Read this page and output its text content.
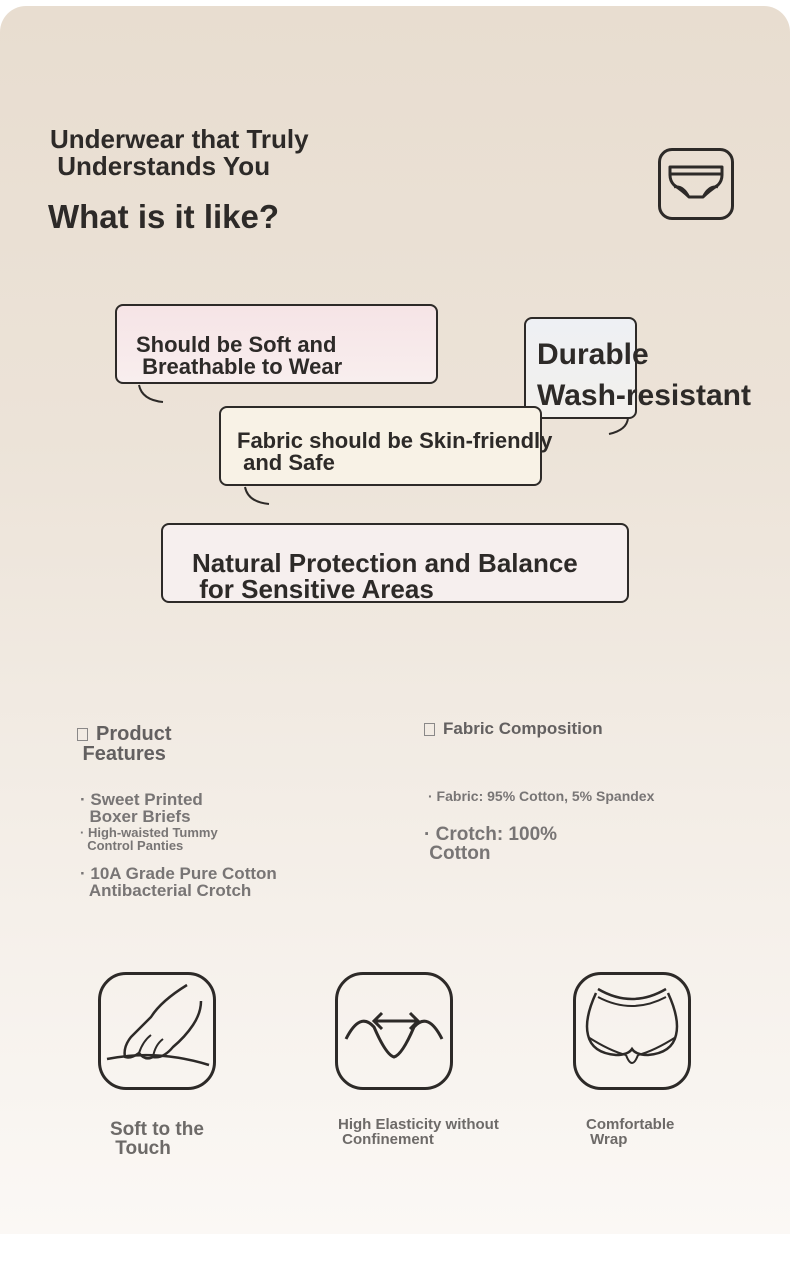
Underwear that Truly
Understands You
What is it like?
Should be Soft and
Breathable to Wear	Durable
Wash-resistant
Fabric should be Skin-friendly
and Safe
Natural Protection and Balance
for Sensitive Areas
Product
Features
Fabric Composition
· Sweet Printed
Boxer Briefs
· High-waisted Tummy
Control Panties
· 10A Grade Pure Cotton
Antibacterial Crotch
· Fabric: 95% Cotton, 5% Spandex
· Crotch: 100%
Cotton
Soft to the
Touch
High Elasticity without
Confinement
Comfortable
Wrap
